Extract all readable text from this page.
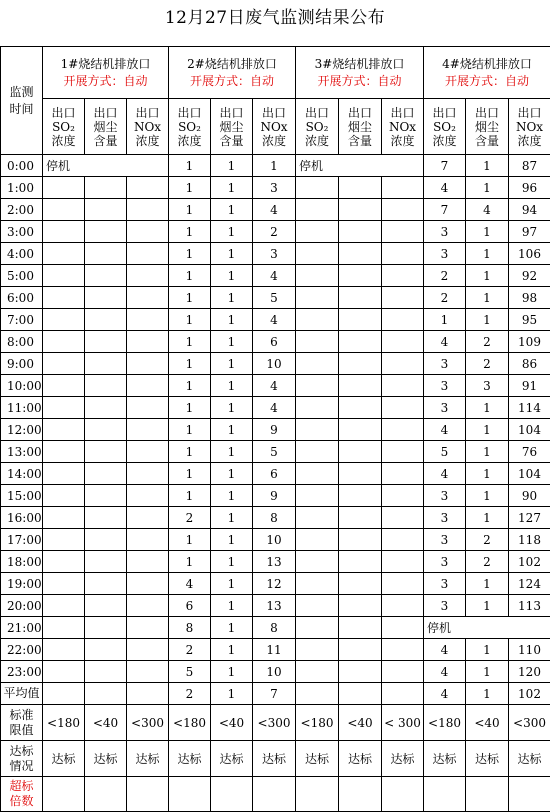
12月27日废气监测结果公布
监测时间	1#烧结机排放口
开展方式：自动			2#烧结机排放口
开展方式：自动			3#烧结机排放口
开展方式：自动			4#烧结机排放口
开展方式：自动		

	出口SO₂浓度	出口烟尘含量	出口NOx浓度	出口SO₂浓度	出口烟尘含量	出口NOx浓度	出口SO₂浓度	出口烟尘含量	出口NOx浓度	出口SO₂浓度	出口烟尘含量	出口NOx浓度
0:00	停机			1	1	1	停机			7	1	87
1:00				1	1	3				4	1	96
2:00				1	1	4				7	4	94
3:00				1	1	2				3	1	97
4:00				1	1	3				3	1	106
5:00				1	1	4				2	1	92
6:00				1	1	5				2	1	98
7:00				1	1	4				1	1	95
8:00				1	1	6				4	2	109
9:00				1	1	10				3	2	86
10:00				1	1	4				3	3	91
11:00				1	1	4				3	1	114
12:00				1	1	9				4	1	104
13:00				1	1	5				5	1	76
14:00				1	1	6				4	1	104
15:00				1	1	9				3	1	90
16:00				2	1	8				3	1	127
17:00				1	1	10				3	2	118
18:00				1	1	13				3	2	102
19:00				4	1	12				3	1	124
20:00				6	1	13				3	1	113
21:00				8	1	8				停机		
22:00				2	1	11				4	1	110
23:00				5	1	10				4	1	120
平均值				2	1	7				4	1	102
标准限值	<180	<40	<300	<180	<40	<300	<180	<40	< 300	<180	<40	<300
达标情况	达标	达标	达标	达标	达标	达标	达标	达标	达标	达标	达标	达标
超标倍数												
